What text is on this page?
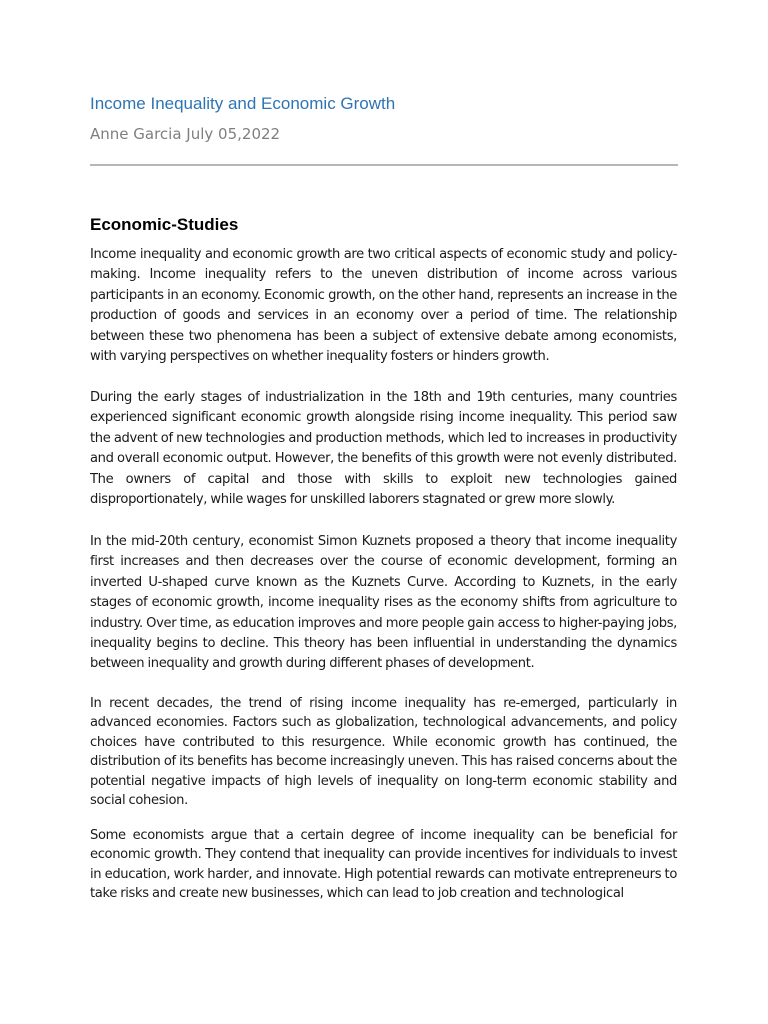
Income Inequality and Economic Growth
Anne Garcia July 05,2022
Economic-Studies

Income inequality and economic growth are two critical aspects of economic study and policy-making. Income inequality refers to the uneven distribution of income across various participants in an economy. Economic growth, on the other hand, represents an increase in the production of goods and services in an economy over a period of time. The relationship between these two phenomena has been a subject of extensive debate among economists, with varying perspectives on whether inequality fosters or hinders growth.

During the early stages of industrialization in the 18th and 19th centuries, many countries experienced significant economic growth alongside rising income inequality. This period saw the advent of new technologies and production methods, which led to increases in productivity and overall economic output. However, the benefits of this growth were not evenly distributed. The owners of capital and those with skills to exploit new technologies gained disproportionately, while wages for unskilled laborers stagnated or grew more slowly.

In the mid-20th century, economist Simon Kuznets proposed a theory that income inequality first increases and then decreases over the course of economic development, forming an inverted U-shaped curve known as the Kuznets Curve. According to Kuznets, in the early stages of economic growth, income inequality rises as the economy shifts from agriculture to industry. Over time, as education improves and more people gain access to higher-paying jobs, inequality begins to decline. This theory has been influential in understanding the dynamics between inequality and growth during different phases of development.

In recent decades, the trend of rising income inequality has re-emerged, particularly in advanced economies. Factors such as globalization, technological advancements, and policy choices have contributed to this resurgence. While economic growth has continued, the distribution of its benefits has become increasingly uneven. This has raised concerns about the potential negative impacts of high levels of inequality on long-term economic stability and social cohesion.

Some economists argue that a certain degree of income inequality can be beneficial for economic growth. They contend that inequality can provide incentives for individuals to invest in education, work harder, and innovate. High potential rewards can motivate entrepreneurs to take risks and create new businesses, which can lead to job creation and technological
